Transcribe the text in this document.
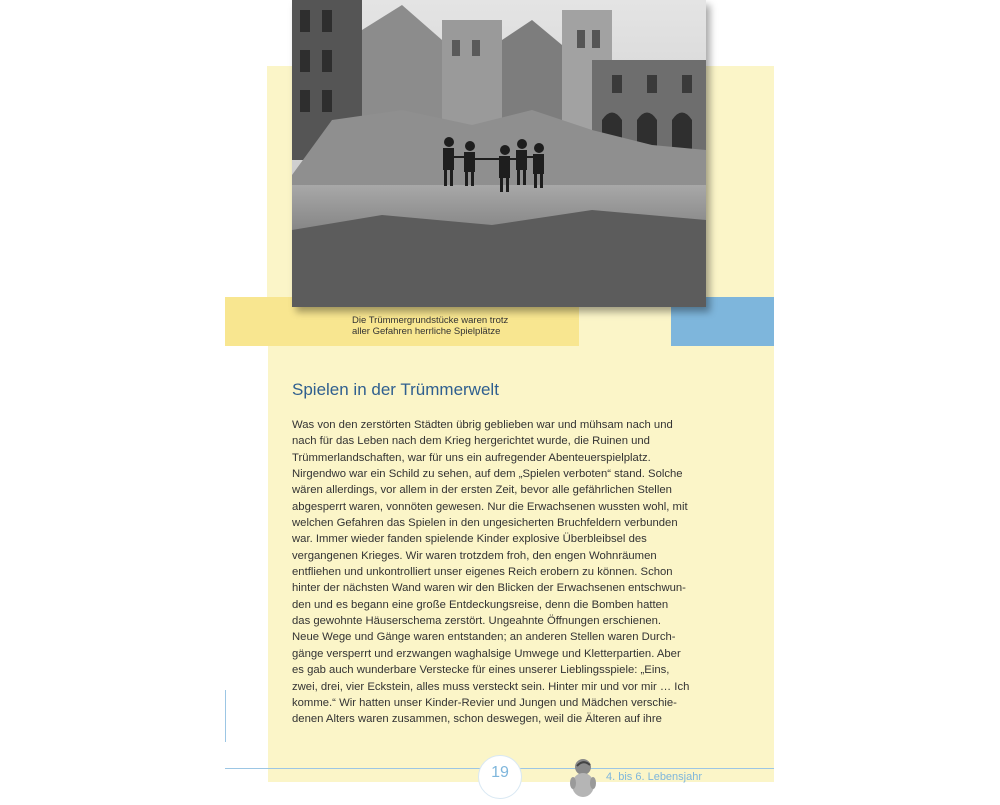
Die Trümmergrundstücke waren trotz
aller Gefahren herrliche Spielplätze
Spielen in der Trümmerwelt
Was von den zerstörten Städten übrig geblieben war und mühsam nach und
nach für das Leben nach dem Krieg hergerichtet wurde, die Ruinen und
Trümmerlandschaften, war für uns ein aufregender Abenteuerspielplatz.
Nirgendwo war ein Schild zu sehen, auf dem „Spielen verboten“ stand. Solche
wären allerdings, vor allem in der ersten Zeit, bevor alle gefährlichen Stellen
abgesperrt waren, vonnöten gewesen. Nur die Erwachsenen wussten wohl, mit
welchen Gefahren das Spielen in den ungesicherten Bruchfeldern verbunden
war. Immer wieder fanden spielende Kinder explosive Überbleibsel des
vergangenen Krieges. Wir waren trotzdem froh, den engen Wohnräumen
entfliehen und unkontrolliert unser eigenes Reich erobern zu können. Schon
hinter der nächsten Wand waren wir den Blicken der Erwachsenen entschwun-
den und es begann eine große Entdeckungsreise, denn die Bomben hatten
das gewohnte Häuserschema zerstört. Ungeahnte Öffnungen erschienen.
Neue Wege und Gänge waren entstanden; an anderen Stellen waren Durch-
gänge versperrt und erzwangen waghalsige Umwege und Kletterpartien. Aber
es gab auch wunderbare Verstecke für eines unserer Lieblingsspiele: „Eins,
zwei, drei, vier Eckstein, alles muss versteckt sein. Hinter mir und vor mir … Ich
komme.“ Wir hatten unser Kinder-Revier und Jungen und Mädchen verschie-
denen Alters waren zusammen, schon deswegen, weil die Älteren auf ihre
19	4. bis 6. Lebensjahr
